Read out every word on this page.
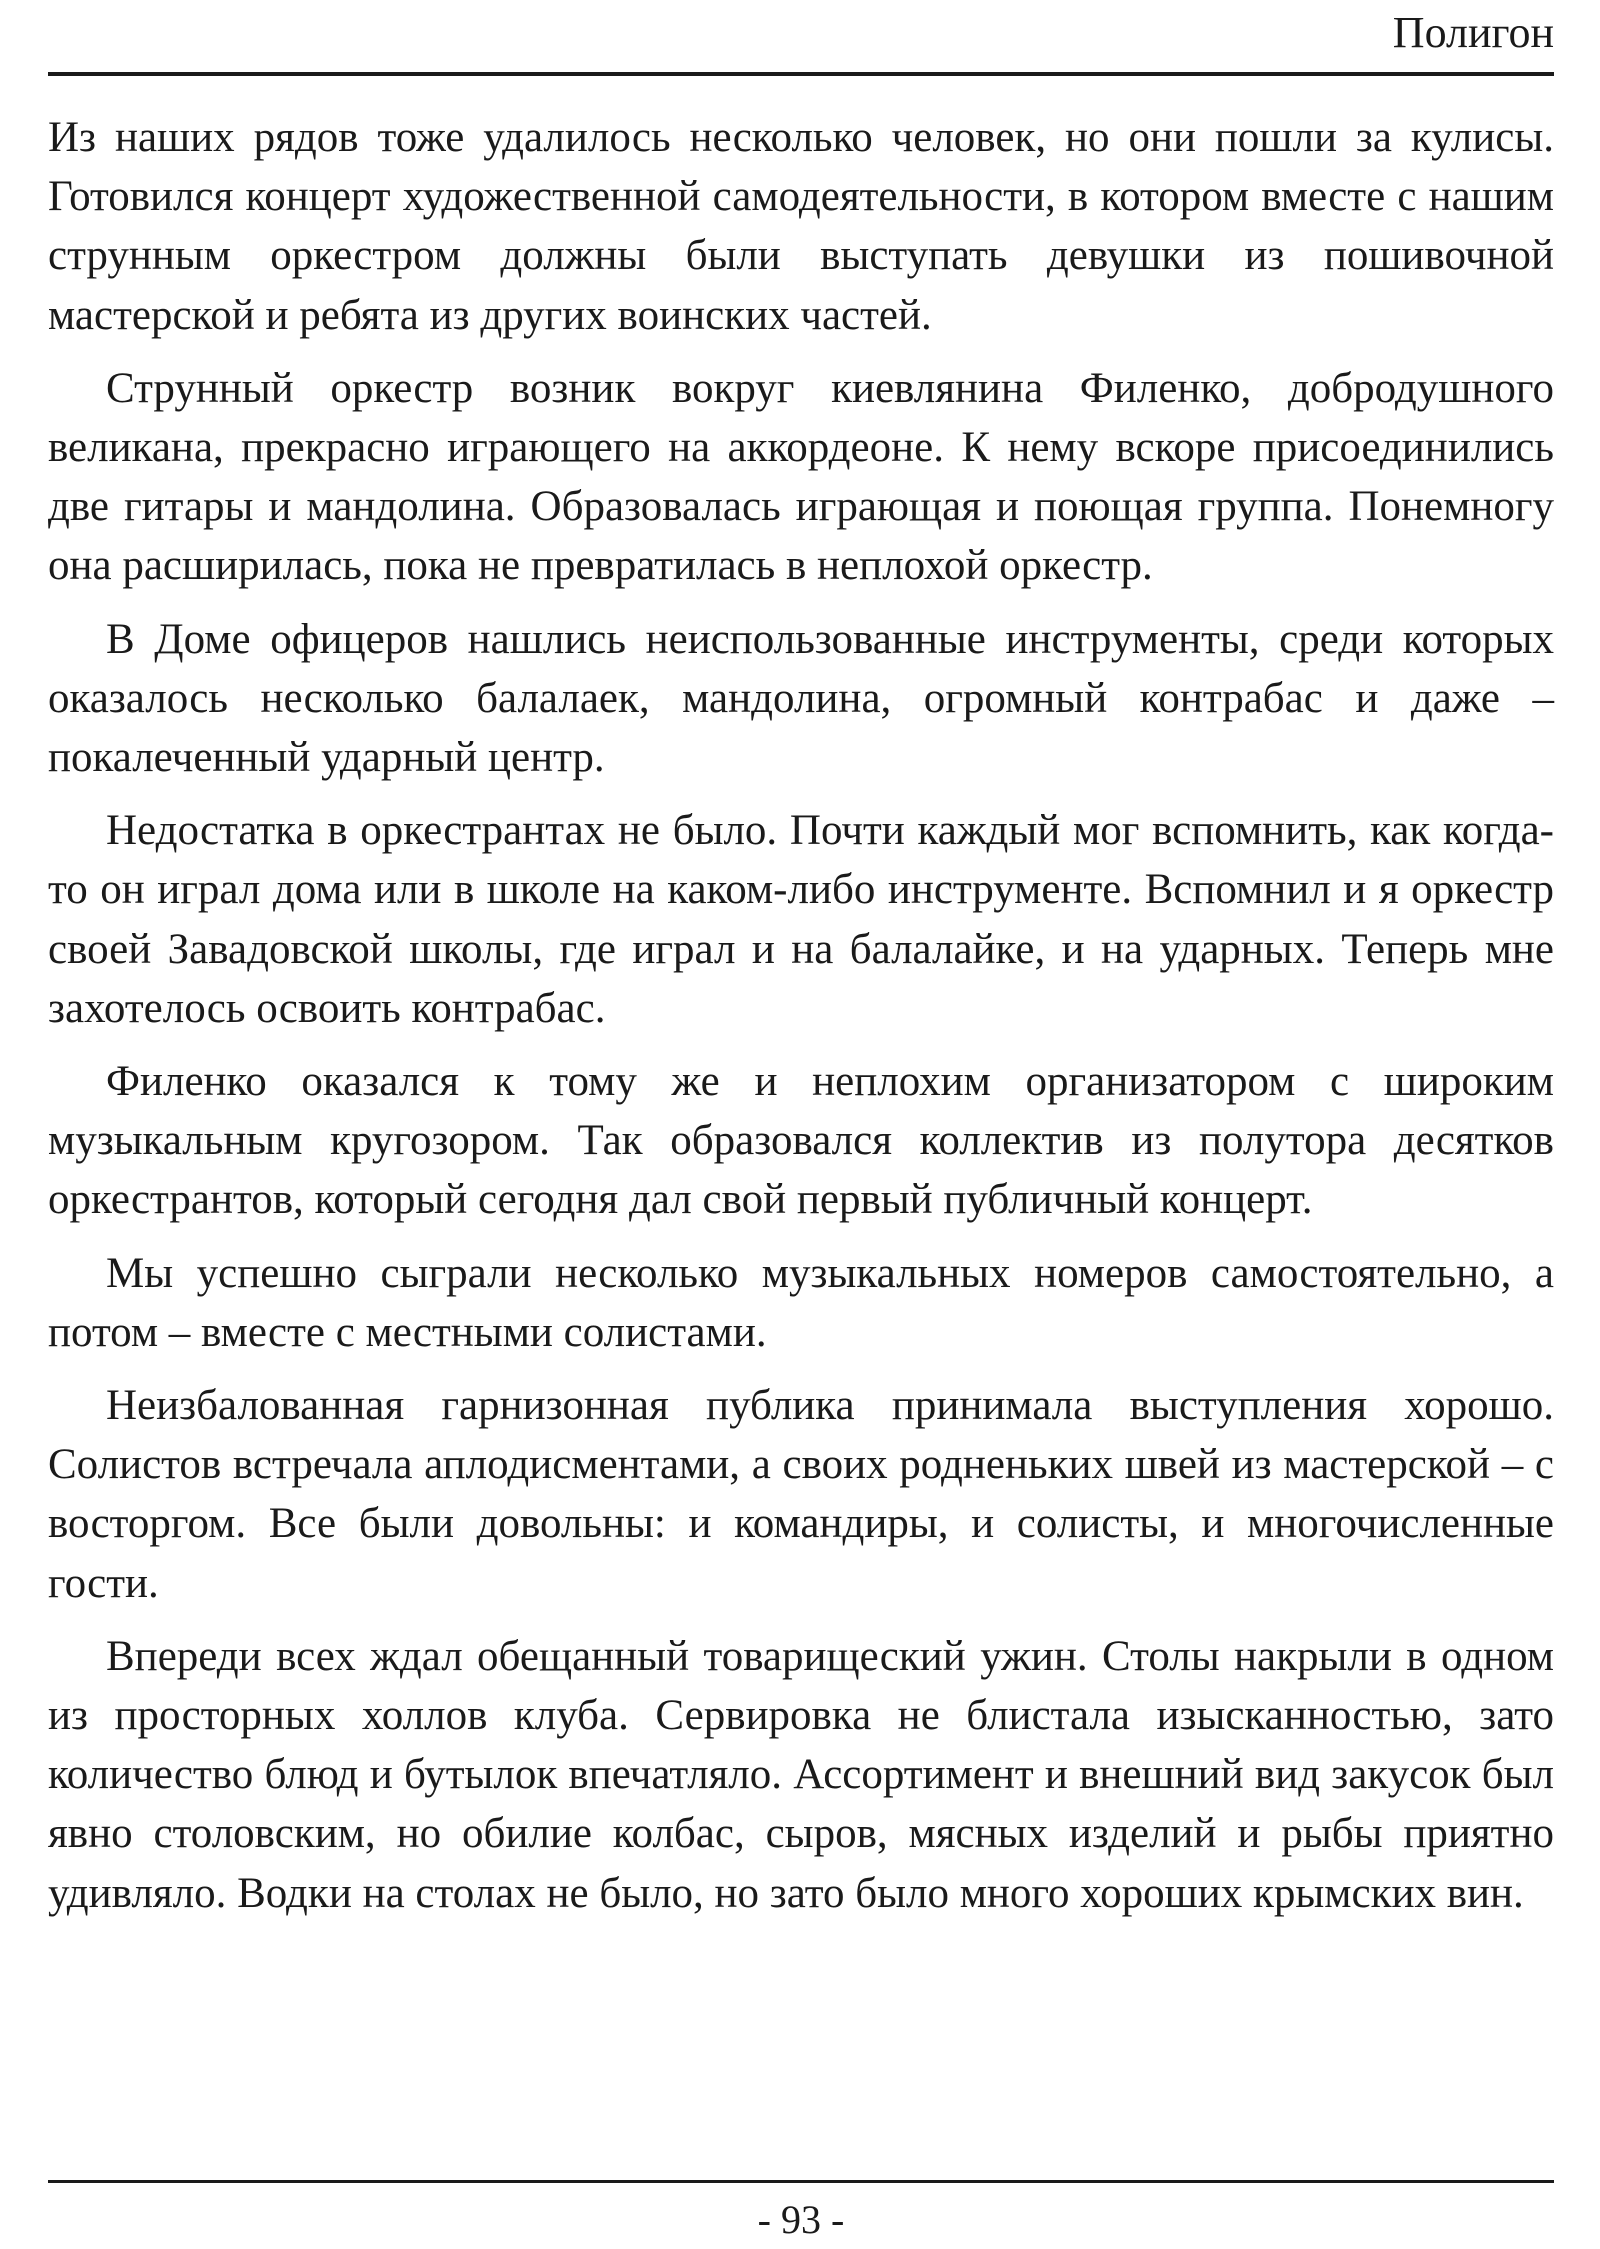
Полигон

Из наших рядов тоже удалилось несколько человек, но они пошли за кулисы. Готовился концерт художественной самодеятельности, в котором вместе с нашим струнным оркестром должны были выступать девушки из пошивочной мастерской и ребята из других воинских частей.

Струнный оркестр возник вокруг киевлянина Филенко, добродушного великана, прекрасно играющего на аккордеоне. К нему вскоре присоединились две гитары и мандолина. Образовалась играющая и поющая группа. Понемногу она расширилась, пока не превратилась в неплохой оркестр.

В Доме офицеров нашлись неиспользованные инструменты, среди которых оказалось несколько балалаек, мандолина, огромный контрабас и даже – покалеченный ударный центр.

Недостатка в оркестрантах не было. Почти каждый мог вспомнить, как когда-то он играл дома или в школе на каком-либо инструменте. Вспомнил и я оркестр своей Завадовской школы, где играл и на балалайке, и на ударных. Теперь мне захотелось освоить контрабас.

Филенко оказался к тому же и неплохим организатором с широким музыкальным кругозором. Так образовался коллектив из полутора десятков оркестрантов, который сегодня дал свой первый публичный концерт.

Мы успешно сыграли несколько музыкальных номеров самостоятельно, а потом – вместе с местными солистами.

Неизбалованная гарнизонная публика принимала выступления хорошо. Солистов встречала аплодисментами, а своих родненьких швей из мастерской – с восторгом. Все были довольны: и командиры, и солисты, и многочисленные гости.

Впереди всех ждал обещанный товарищеский ужин. Столы накрыли в одном из просторных холлов клуба. Сервировка не блистала изысканностью, зато количество блюд и бутылок впечатляло. Ассортимент и внешний вид закусок был явно столовским, но обилие колбас, сыров, мясных изделий и рыбы приятно удивляло. Водки на столах не было, но зато было много хороших крымских вин.

- 93 -
